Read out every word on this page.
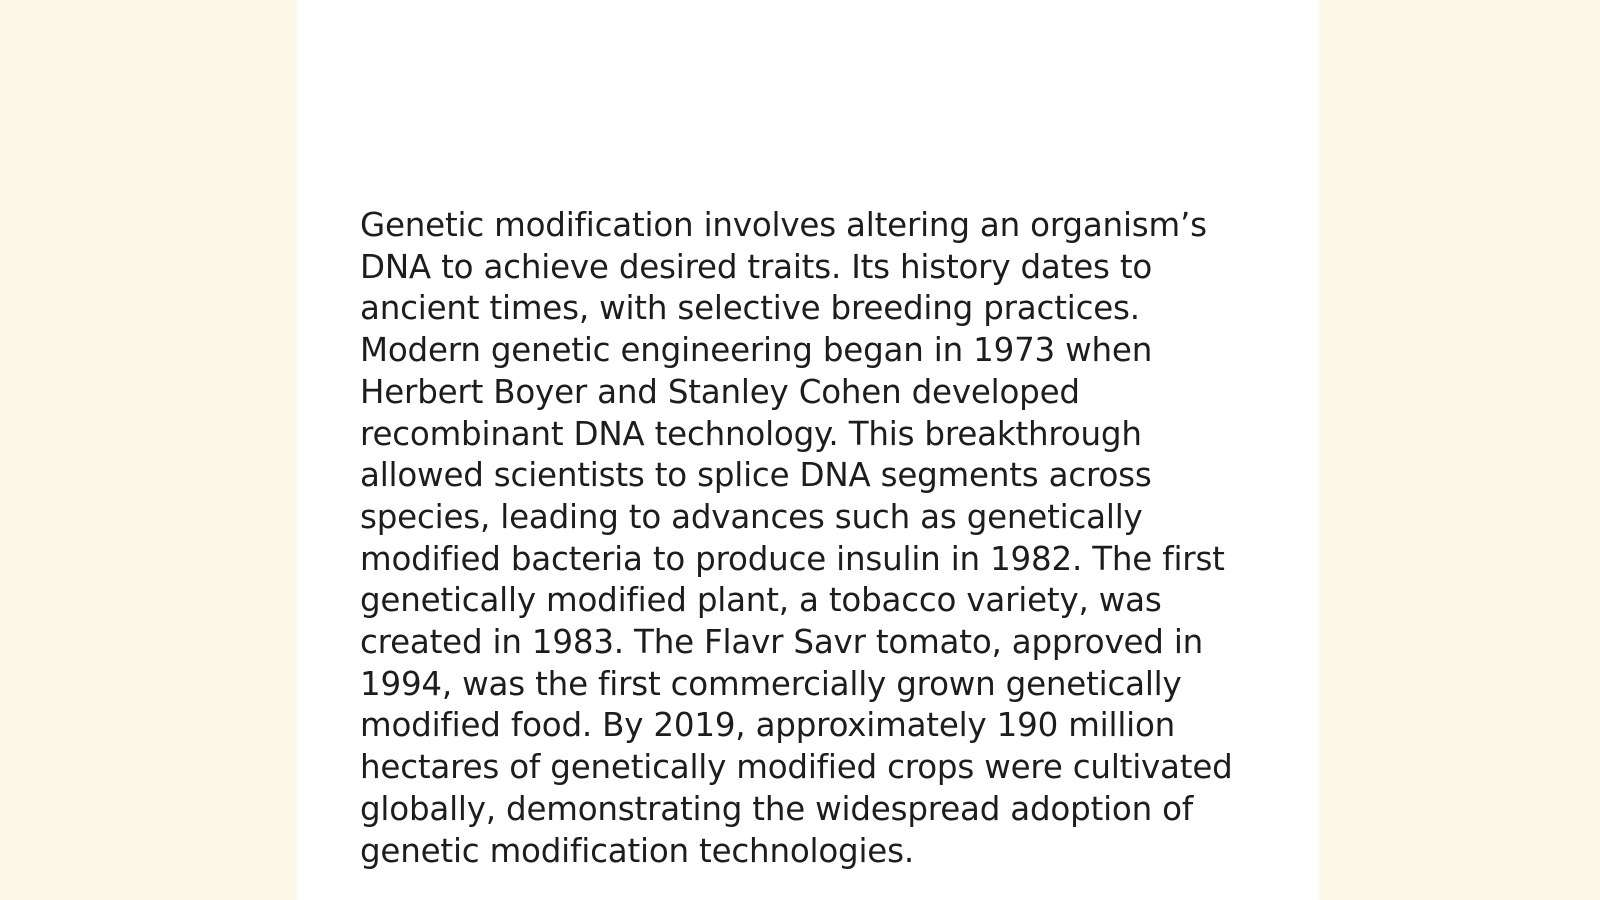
Genetic modification involves altering an organism’s
DNA to achieve desired traits. Its history dates to
ancient times, with selective breeding practices.
Modern genetic engineering began in 1973 when
Herbert Boyer and Stanley Cohen developed
recombinant DNA technology. This breakthrough
allowed scientists to splice DNA segments across
species, leading to advances such as genetically
modified bacteria to produce insulin in 1982. The first
genetically modified plant, a tobacco variety, was
created in 1983. The Flavr Savr tomato, approved in
1994, was the first commercially grown genetically
modified food. By 2019, approximately 190 million
hectares of genetically modified crops were cultivated
globally, demonstrating the widespread adoption of
genetic modification technologies.
